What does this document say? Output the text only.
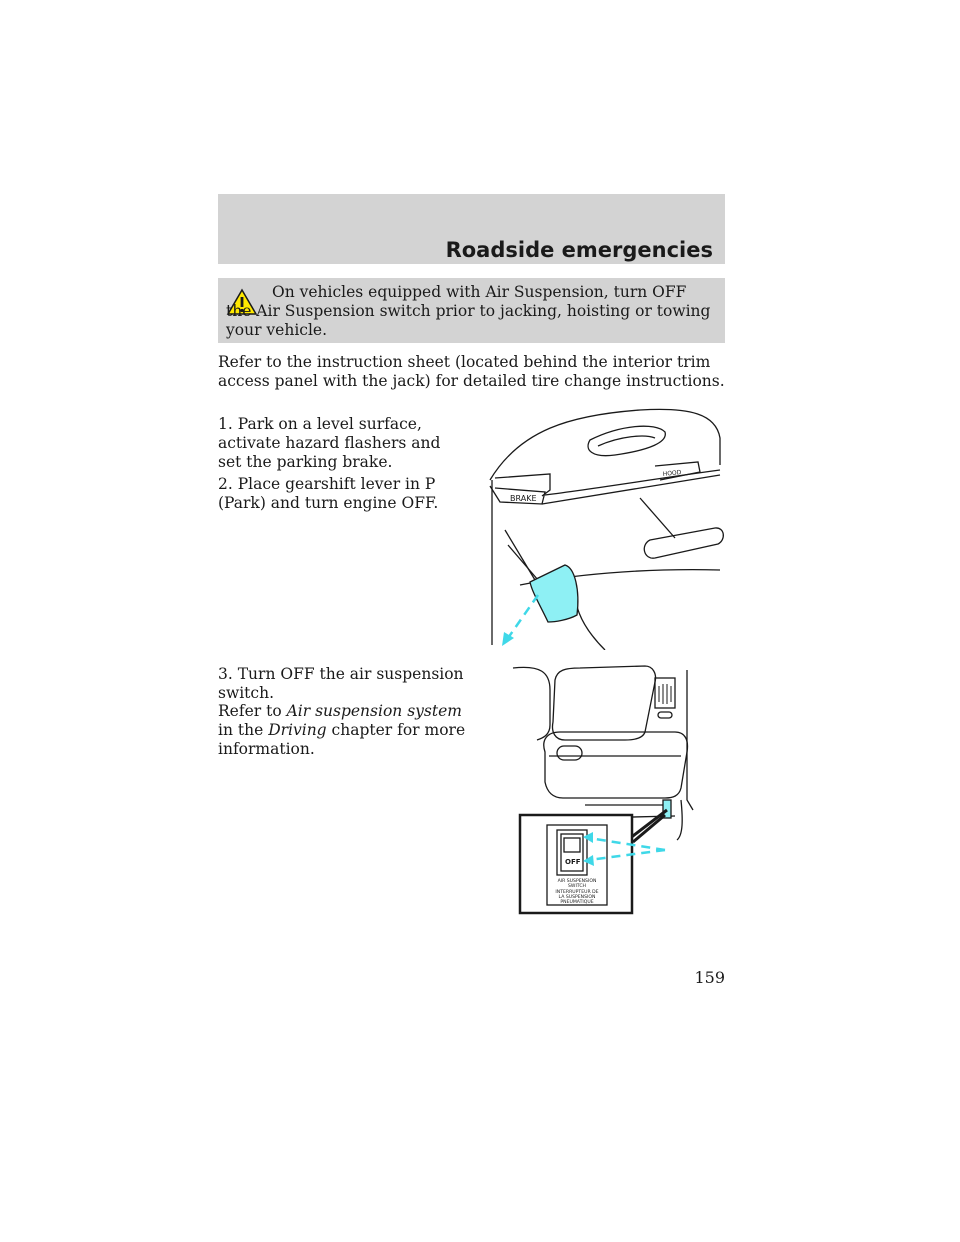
Roadside emergencies
On vehicles equipped with Air Suspension, turn OFF the Air Suspension switch prior to jacking, hoisting or towing your vehicle.

Refer to the instruction sheet (located behind the interior trim access panel with the jack) for detailed tire change instructions.

1. Park on a level surface, activate hazard flashers and set the parking brake.

2. Place gearshift lever in P (Park) and turn engine OFF.

3. Turn OFF the air suspension switch.

Refer to Air suspension system in the Driving chapter for more information.

BRAKE
HOOD
OFF
AIR SUSPENSION
SWITCH
INTERRUPTEUR DE
LA SUSPENSION
PNEUMATIQUE
159
